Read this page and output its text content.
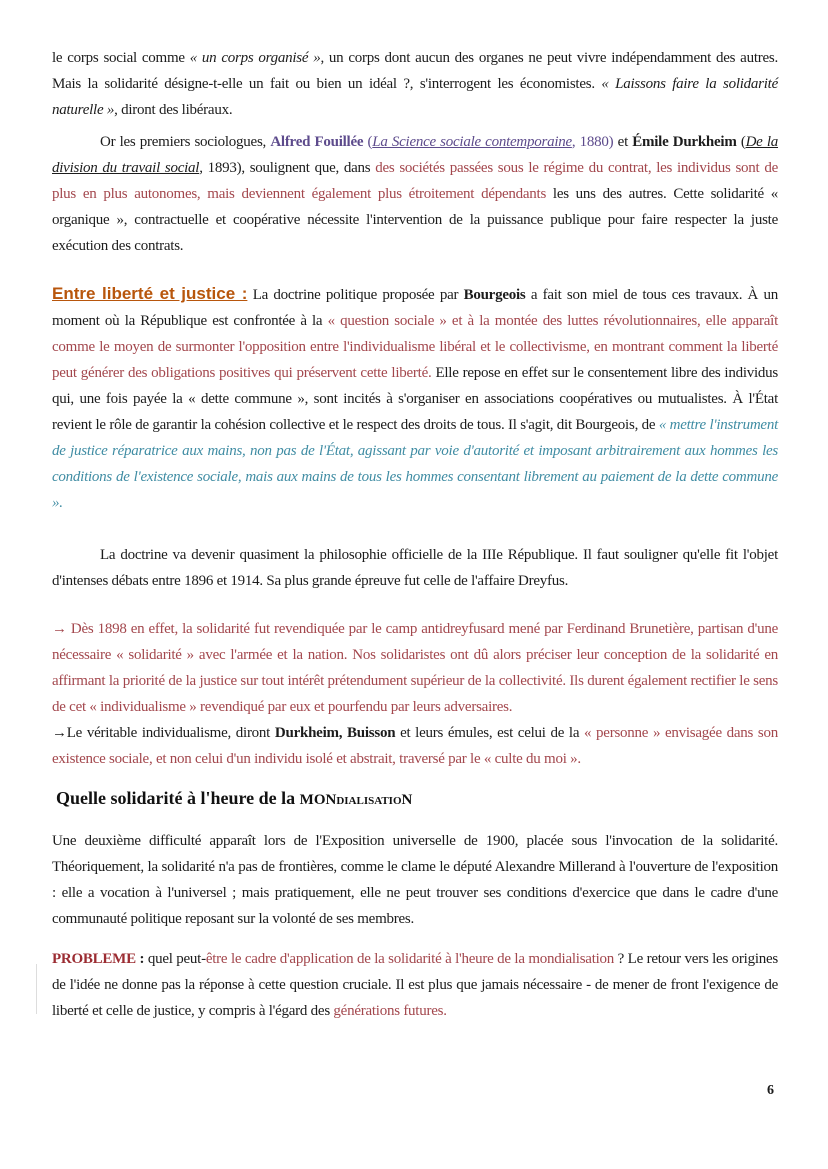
le corps social comme « un corps organisé », un corps dont aucun des organes ne peut vivre indépendamment des autres. Mais la solidarité désigne-t-elle un fait ou bien un idéal ?, s'interrogent les économistes. « Laissons faire la solidarité naturelle », diront des libéraux.

Or les premiers sociologues, Alfred Fouillée (La Science sociale contemporaine, 1880) et Émile Durkheim (De la division du travail social, 1893), soulignent que, dans des sociétés passées sous le régime du contrat, les individus sont de plus en plus autonomes, mais deviennent également plus étroitement dépendants les uns des autres. Cette solidarité « organique », contractuelle et coopérative nécessite l'intervention de la puissance publique pour faire respecter la juste exécution des contrats.

Entre liberté et justice : La doctrine politique proposée par Bourgeois a fait son miel de tous ces travaux. À un moment où la République est confrontée à la « question sociale » et à la montée des luttes révolutionnaires, elle apparaît comme le moyen de surmonter l'opposition entre l'individualisme libéral et le collectivisme, en montrant comment la liberté peut générer des obligations positives qui préservent cette liberté. Elle repose en effet sur le consentement libre des individus qui, une fois payée la « dette commune », sont incités à s'organiser en associations coopératives ou mutualistes. À l'État revient le rôle de garantir la cohésion collective et le respect des droits de tous. Il s'agit, dit Bourgeois, de « mettre l'instrument de justice réparatrice aux mains, non pas de l'État, agissant par voie d'autorité et imposant arbitrairement aux hommes les conditions de l'existence sociale, mais aux mains de tous les hommes consentant librement au paiement de la dette commune ».

La doctrine va devenir quasiment la philosophie officielle de la IIIe République. Il faut souligner qu'elle fit l'objet d'intenses débats entre 1896 et 1914. Sa plus grande épreuve fut celle de l'affaire Dreyfus.

→ Dès 1898 en effet, la solidarité fut revendiquée par le camp antidreyfusard mené par Ferdinand Brunetière, partisan d'une nécessaire « solidarité » avec l'armée et la nation. Nos solidaristes ont dû alors préciser leur conception de la solidarité en affirmant la priorité de la justice sur tout intérêt prétendument supérieur de la collectivité. Ils durent également rectifier le sens de cet « individualisme » revendiqué par eux et pourfendu par leurs adversaires.
→Le véritable individualisme, diront Durkheim, Buisson et leurs émules, est celui de la « personne » envisagée dans son existence sociale, et non celui d'un individu isolé et abstrait, traversé par le « culte du moi ».

Quelle solidarité à l'heure de la MONdialisatioN

Une deuxième difficulté apparaît lors de l'Exposition universelle de 1900, placée sous l'invocation de la solidarité. Théoriquement, la solidarité n'a pas de frontières, comme le clame le député Alexandre Millerand à l'ouverture de l'exposition : elle a vocation à l'universel ; mais pratiquement, elle ne peut trouver ses conditions d'exercice que dans le cadre d'une communauté politique reposant sur la volonté de ses membres.

PROBLEME : quel peut-être le cadre d'application de la solidarité à l'heure de la mondialisation ? Le retour vers les origines de l'idée ne donne pas la réponse à cette question cruciale. Il est plus que jamais nécessaire - de mener de front l'exigence de liberté et celle de justice, y compris à l'égard des générations futures.

6
